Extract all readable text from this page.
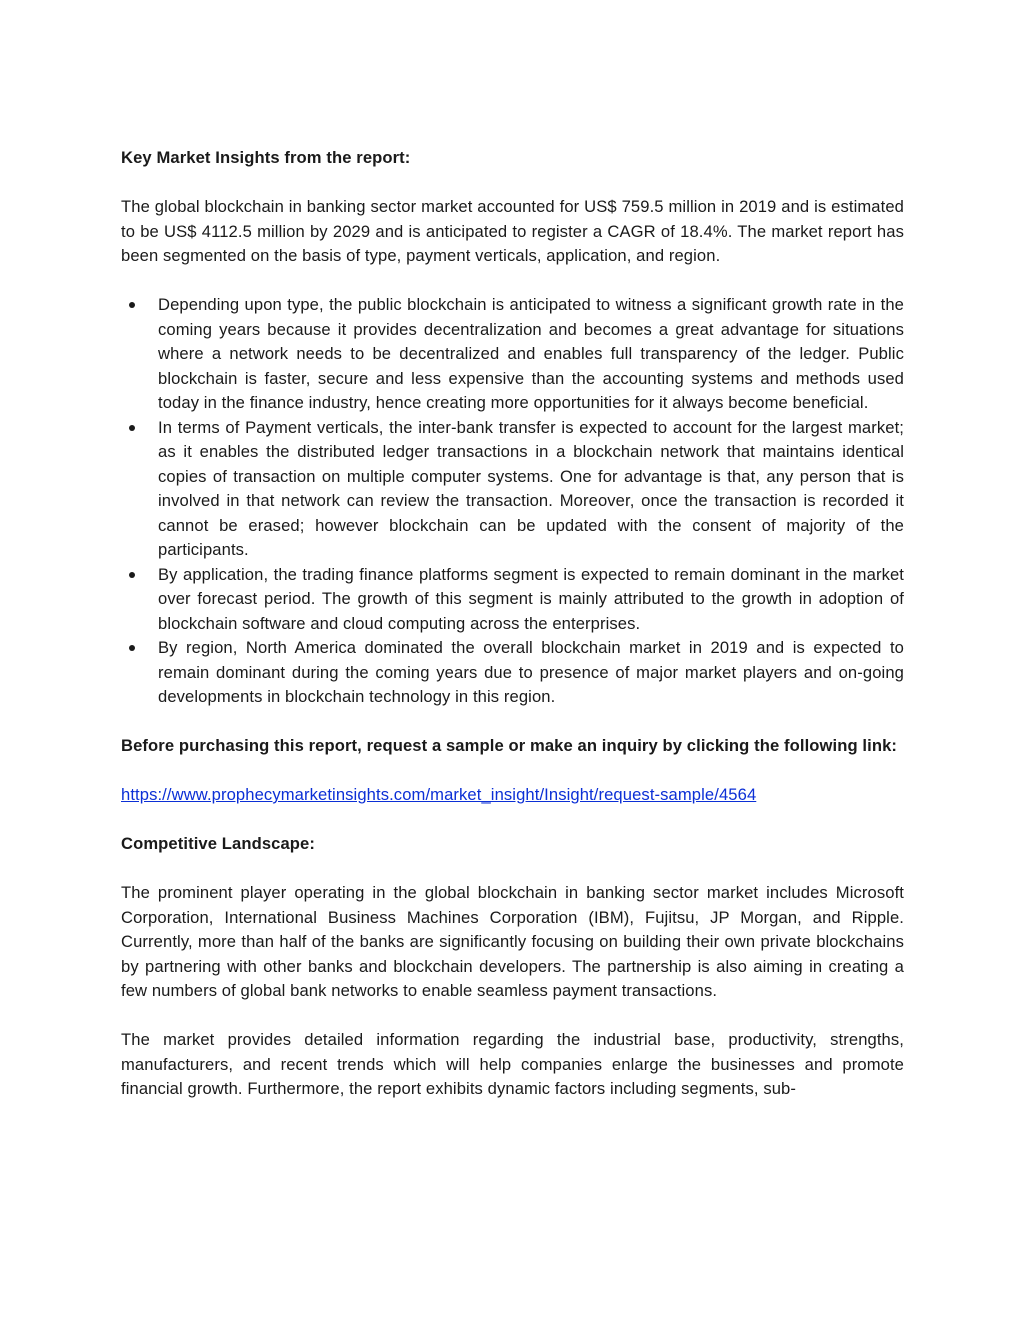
Key Market Insights from the report:

The global blockchain in banking sector market accounted for US$ 759.5 million in 2019 and is estimated to be US$ 4112.5 million by 2029 and is anticipated to register a CAGR of 18.4%. The market report has been segmented on the basis of type, payment verticals, application, and region.

Depending upon type, the public blockchain is anticipated to witness a significant growth rate in the coming years because it provides decentralization and becomes a great advantage for situations where a network needs to be decentralized and enables full transparency of the ledger. Public blockchain is faster, secure and less expensive than the accounting systems and methods used today in the finance industry, hence creating more opportunities for it always become beneficial.
In terms of Payment verticals, the inter-bank transfer is expected to account for the largest market; as it enables the distributed ledger transactions in a blockchain network that maintains identical copies of transaction on multiple computer systems. One for advantage is that, any person that is involved in that network can review the transaction. Moreover, once the transaction is recorded it cannot be erased; however blockchain can be updated with the consent of majority of the participants.
By application, the trading finance platforms segment is expected to remain dominant in the market over forecast period. The growth of this segment is mainly attributed to the growth in adoption of blockchain software and cloud computing across the enterprises.
By region, North America dominated the overall blockchain market in 2019 and is expected to remain dominant during the coming years due to presence of major market players and on-going developments in blockchain technology in this region.

Before purchasing this report, request a sample or make an inquiry by clicking the following link:

https://www.prophecymarketinsights.com/market_insight/Insight/request-sample/4564

Competitive Landscape:

The prominent player operating in the global blockchain in banking sector market includes Microsoft Corporation, International Business Machines Corporation (IBM), Fujitsu, JP Morgan, and Ripple. Currently, more than half of the banks are significantly focusing on building their own private blockchains by partnering with other banks and blockchain developers. The partnership is also aiming in creating a few numbers of global bank networks to enable seamless payment transactions.

The market provides detailed information regarding the industrial base, productivity, strengths, manufacturers, and recent trends which will help companies enlarge the businesses and promote financial growth. Furthermore, the report exhibits dynamic factors including segments, sub-
